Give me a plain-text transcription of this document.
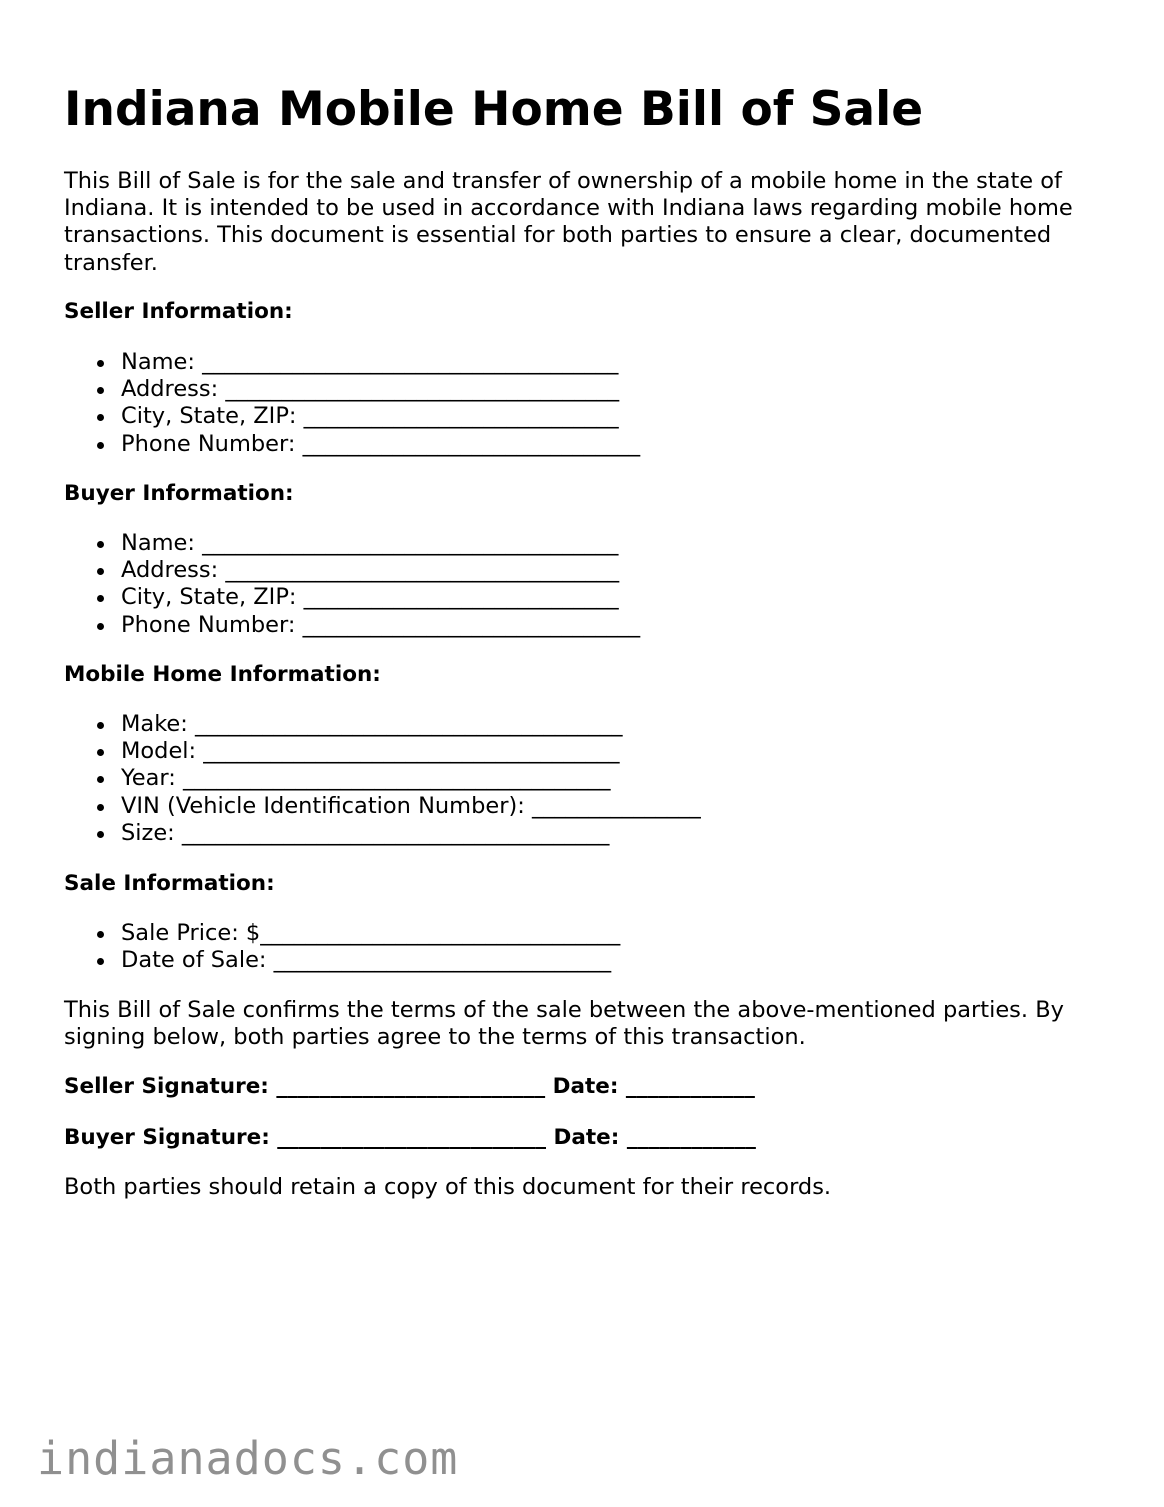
Indiana Mobile Home Bill of Sale

This Bill of Sale is for the sale and transfer of ownership of a mobile home in the state of Indiana. It is intended to be used in accordance with Indiana laws regarding mobile home transactions. This document is essential for both parties to ensure a clear, documented transfer.

Seller Information:
Name: _____________________________________
Address: ___________________________________
City, State, ZIP: ____________________________
Phone Number: ______________________________
Buyer Information:
Name: _____________________________________
Address: ___________________________________
City, State, ZIP: ____________________________
Phone Number: ______________________________
Mobile Home Information:
Make: ______________________________________
Model: _____________________________________
Year: ______________________________________
VIN (Vehicle Identification Number): _______________
Size: ______________________________________
Sale Information:
Sale Price: $________________________________
Date of Sale: ______________________________

This Bill of Sale confirms the terms of the sale between the above-mentioned parties. By signing below, both parties agree to the terms of this transaction.

Seller Signature: _________________________ Date: ____________

Buyer Signature: _________________________ Date: ____________

Both parties should retain a copy of this document for their records.

indianadocs.com
